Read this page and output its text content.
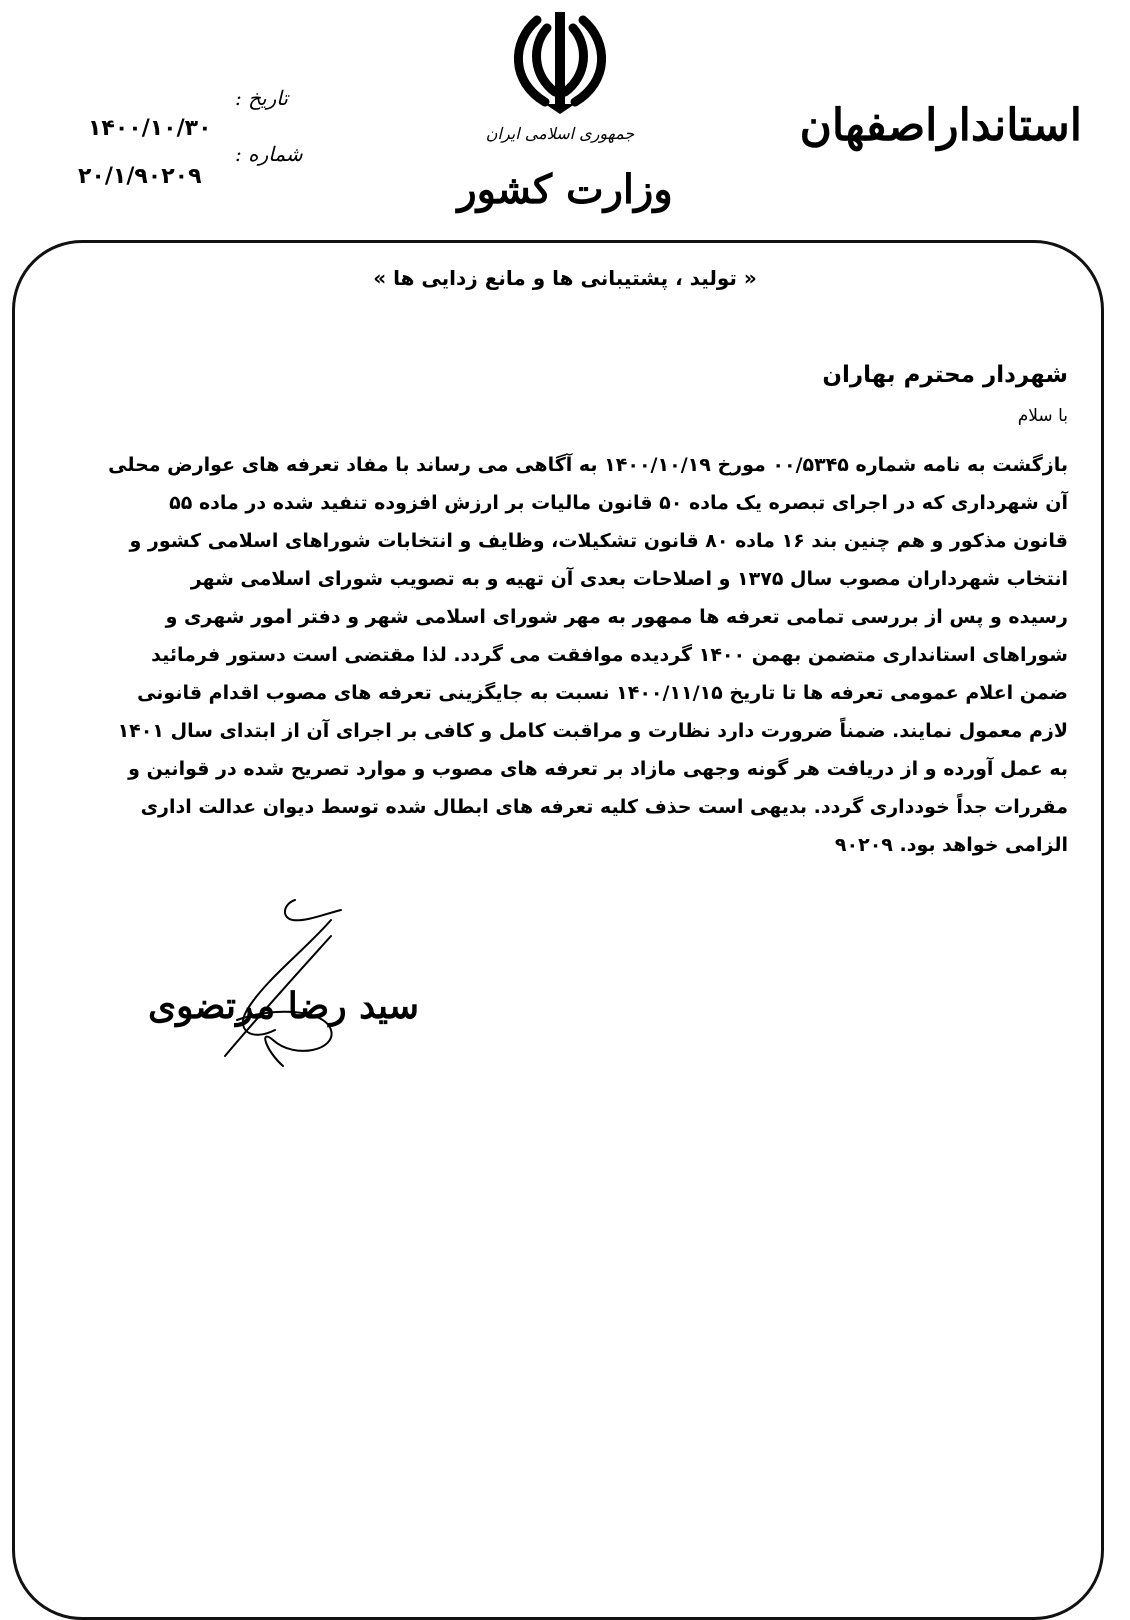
استانداراصفهان
جمهوری اسلامی ایران
وزارت کشور
تاریخ :
۱۴۰۰/۱۰/۳۰
شماره :
۲۰/۱/۹۰۲۰۹
« تولید ، پشتیبانی ها و مانع زدایی ها »
شهردار محترم بهاران
با سلام
بازگشت به نامه شماره ۰۰/۵۳۴۵ مورخ ۱۴۰۰/۱۰/۱۹ به آگاهی می رساند با مفاد تعرفه های عوارض محلی
آن شهرداری که در اجرای تبصره یک ماده ۵۰ قانون مالیات بر ارزش افزوده تنفید شده در ماده ۵۵
قانون مذکور و هم چنین بند ۱۶ ماده ۸۰ قانون تشکیلات، وظایف و انتخابات شوراهای اسلامی کشور و
انتخاب شهرداران مصوب سال ۱۳۷۵ و اصلاحات بعدی آن تهیه و به تصویب شورای اسلامی شهر
رسیده و پس از بررسی تمامی تعرفه ها ممهور به مهر شورای اسلامی شهر و دفتر امور شهری و
شوراهای استانداری متضمن بهمن ۱۴۰۰ گردیده موافقت می گردد. لذا مقتضی است دستور فرمائید
ضمن اعلام عمومی تعرفه ها تا تاریخ ۱۴۰۰/۱۱/۱۵ نسبت به جایگزینی تعرفه های مصوب اقدام قانونی
لازم معمول نمایند. ضمناً ضرورت دارد نظارت و مراقبت کامل و کافی بر اجرای آن از ابتدای سال ۱۴۰۱
به عمل آورده و از دریافت هر گونه وجهی مازاد بر تعرفه های مصوب و موارد تصریح شده در قوانین و
مقررات جداً خودداری گردد. بدیهی است حذف کلیه تعرفه های ابطال شده توسط دیوان عدالت اداری
الزامی خواهد بود. ۹۰۲۰۹
سید رضا مرتضوی
